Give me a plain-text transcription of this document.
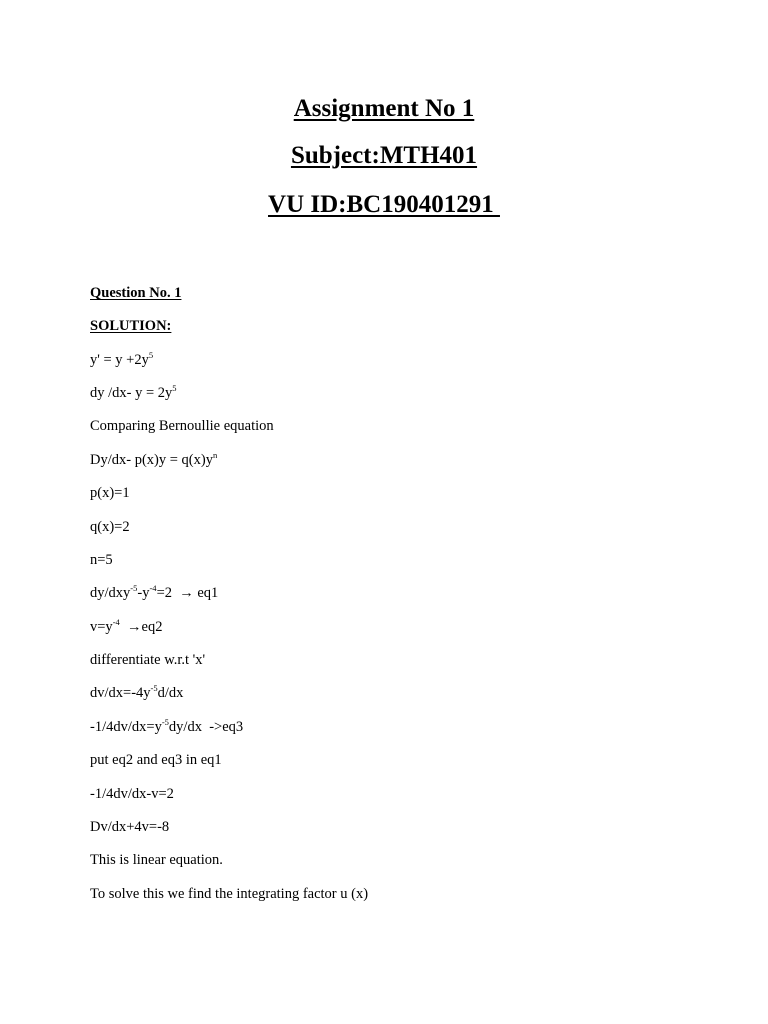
Assignment No 1
Subject:MTH401
VU ID:BC190401291
Question No. 1
SOLUTION:
$y' = y +2y^5$
dy /dx- $y = 2y^5$
Comparing Bernoullie equation
Dy/dx- $p(x)y = q(x)y^n$
p(x)=1
q(x)=2
n=5
$dy/dxy^{-5}-y^{-4}=2 \to eq1$
$v=y^{-4} \to eq2$
differentiate w.r.t 'x'
$dv/dx=-4y^{-5}d/dx$
$-1/4dv/dx=y^{-5}dy/dx$  ->eq3
put eq2 and eq3 in eq1
-1/4dv/dx-v=2
Dv/dx+4v=-8
This is linear equation.
To solve this we find the integrating factor u (x)
